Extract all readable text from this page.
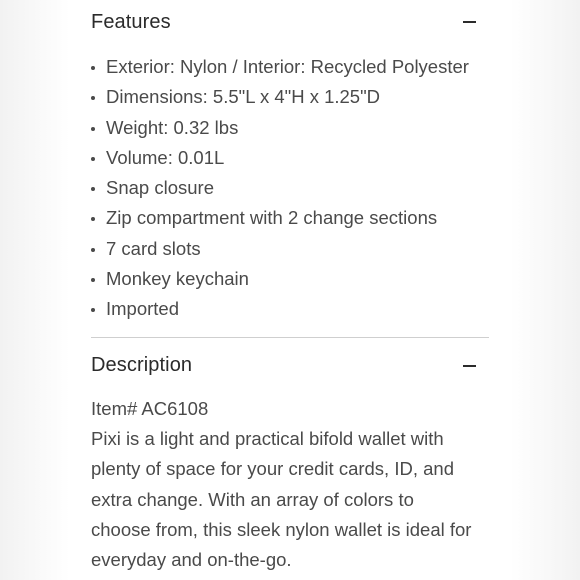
Features
Exterior: Nylon / Interior: Recycled Polyester
Dimensions: 5.5"L x 4"H x 1.25"D
Weight: 0.32 lbs
Volume: 0.01L
Snap closure
Zip compartment with 2 change sections
7 card slots
Monkey keychain
Imported
Description

Item# AC6108

Pixi is a light and practical bifold wallet with

plenty of space for your credit cards, ID, and

extra change. With an array of colors to

choose from, this sleek nylon wallet is ideal for

everyday and on-the-go.
